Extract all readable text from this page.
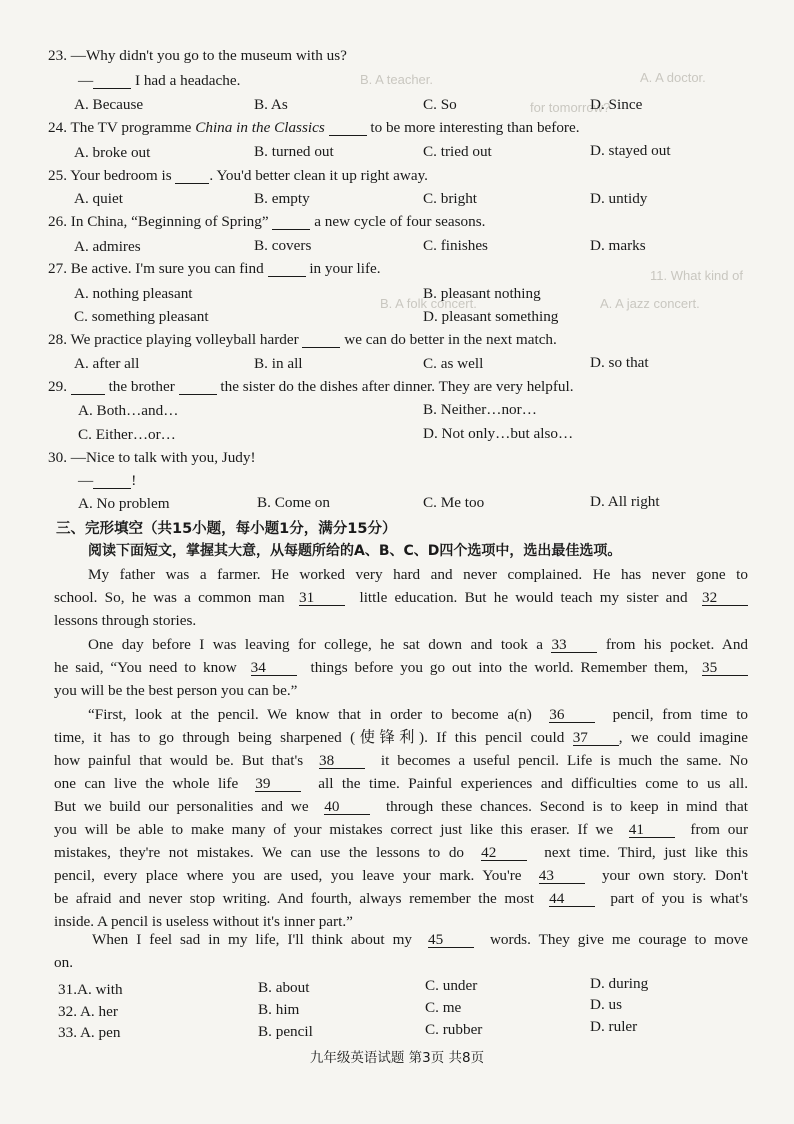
A. A doctor.
B. A teacher.
for tomorrow?
11. What kind of
B. A folk concert.	A. A jazz concert.
23. —Why didn't you go to the museum with us?
—	I had a headache.
A. Because	B. As	C. So	D. Since
24. The TV programme China in the Classics	to be more interesting than before.
A. broke out	B. turned out	C. tried out	D. stayed out
25. Your bedroom is  . You'd better clean it up right away.
A. quiet	B. empty	C. bright	D. untidy
26. In China, “Beginning of Spring”	a new cycle of four seasons.
A. admires	B. covers	C. finishes	D. marks
27. Be active. I'm sure you can find	in your life.
A. nothing pleasant	B. pleasant nothing
C. something pleasant	D. pleasant something
28. We practice playing volleyball harder	we can do better in the next match.
A. after all	B. in all	C. as well	D. so that
29.   the brother	the sister do the dishes after dinner. They are very helpful.
A. Both…and…	B. Neither…nor…
C. Either…or…	D. Not only…but also…
30. —Nice to talk with you, Judy!
—	!
A. No problem	B. Come on	C. Me too	D. All right
三、完形填空（共15小题，每小题1分，满分15分）
阅读下面短文，掌握其大意，从每题所给的A、B、C、D四个选项中，选出最佳选项。
My father was a farmer. He worked very hard and never complained. He has never gone to
school. So, he was a common man 31	little education. But he would teach my sister and 32
lessons through stories.
One day before I was leaving for college, he sat down and took a 33	from his pocket. And
he said, “You need to know 34	things before you go out into the world. Remember them, 35
you will be the best person you can be.”
“First, look at the pencil. We know that in order to become a(n) 36	pencil, from time to
time, it has to go through being sharpened (使锋利). If this pencil could 37 , we could imagine
how painful that would be. But that's 38	it becomes a useful pencil. Life is much the same. No
one can live the whole life 39	all the time. Painful experiences and difficulties come to us all.
But we build our personalities and we 40	through these chances. Second is to keep in mind that
you will be able to make many of your mistakes correct just like this eraser. If we 41	from our
mistakes, they're not mistakes. We can use the lessons to do 42	next time. Third, just like this
pencil, every place where you are used, you leave your mark. You're 43	your own story. Don't
be afraid and never stop writing. And fourth, always remember the most 44	part of you is what's
inside. A pencil is useless without it's inner part.”
When I feel sad in my life, I'll think about my 45	words. They give me courage to move
on.
31.A. with	B. about	C. under	D. during
32. A. her	B. him	C. me	D. us
33. A. pen	B. pencil	C. rubber	D. ruler
九年级英语试题 第3页 共8页
